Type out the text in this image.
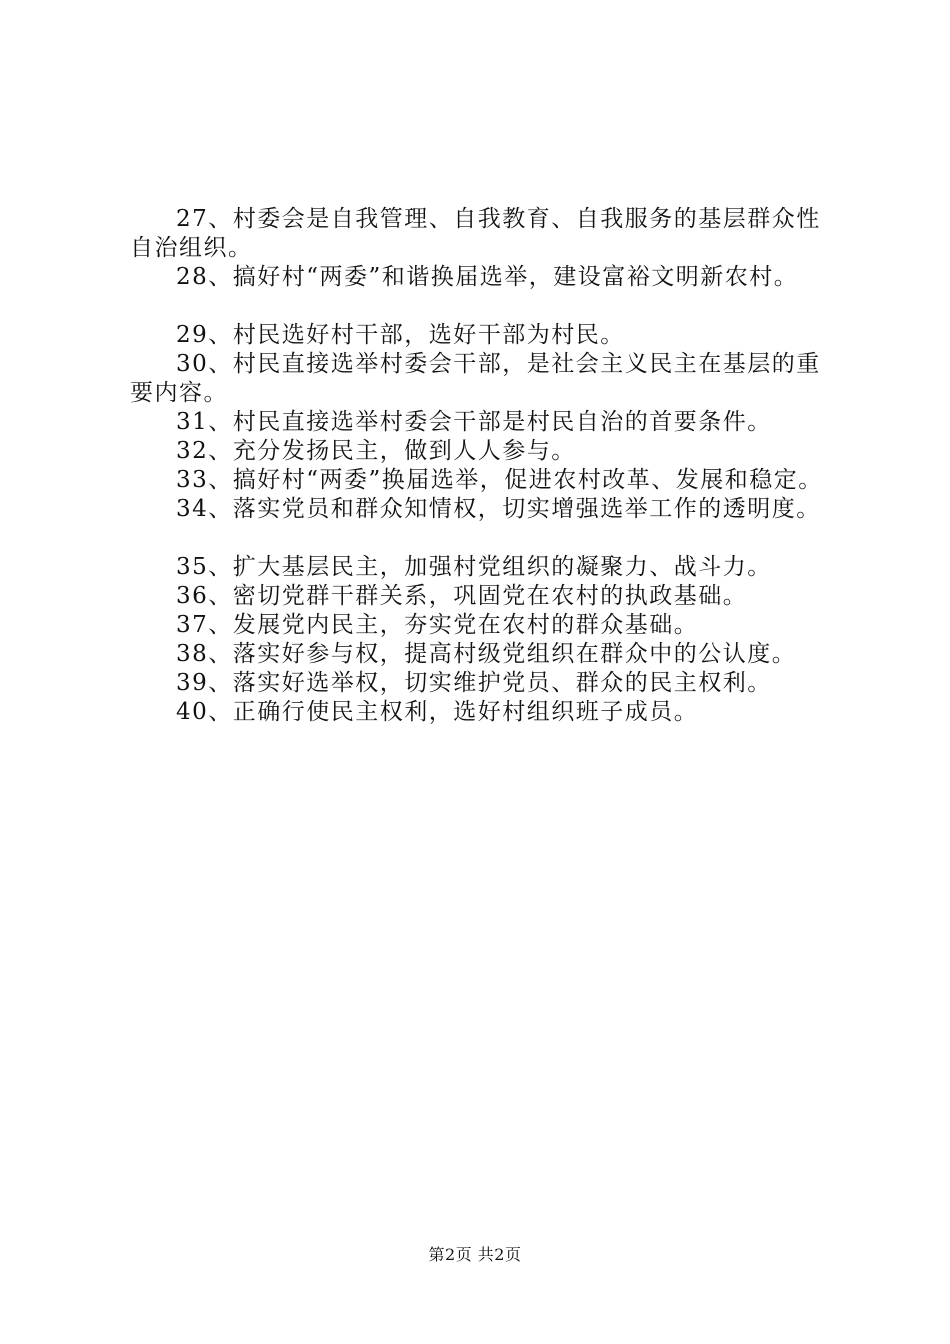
27、村委会是自我管理、自我教育、自我服务的基层群众性自治组织。

28、搞好村“两委”和谐换届选举，建设富裕文明新农村。

29、村民选好村干部，选好干部为村民。

30、村民直接选举村委会干部，是社会主义民主在基层的重要内容。

31、村民直接选举村委会干部是村民自治的首要条件。

32、充分发扬民主，做到人人参与。

33、搞好村“两委”换届选举，促进农村改革、发展和稳定。

34、落实党员和群众知情权，切实增强选举工作的透明度。

35、扩大基层民主，加强村党组织的凝聚力、战斗力。

36、密切党群干群关系，巩固党在农村的执政基础。

37、发展党内民主，夯实党在农村的群众基础。

38、落实好参与权，提高村级党组织在群众中的公认度。

39、落实好选举权，切实维护党员、群众的民主权利。

40、正确行使民主权利，选好村组织班子成员。

第2页 共2页
